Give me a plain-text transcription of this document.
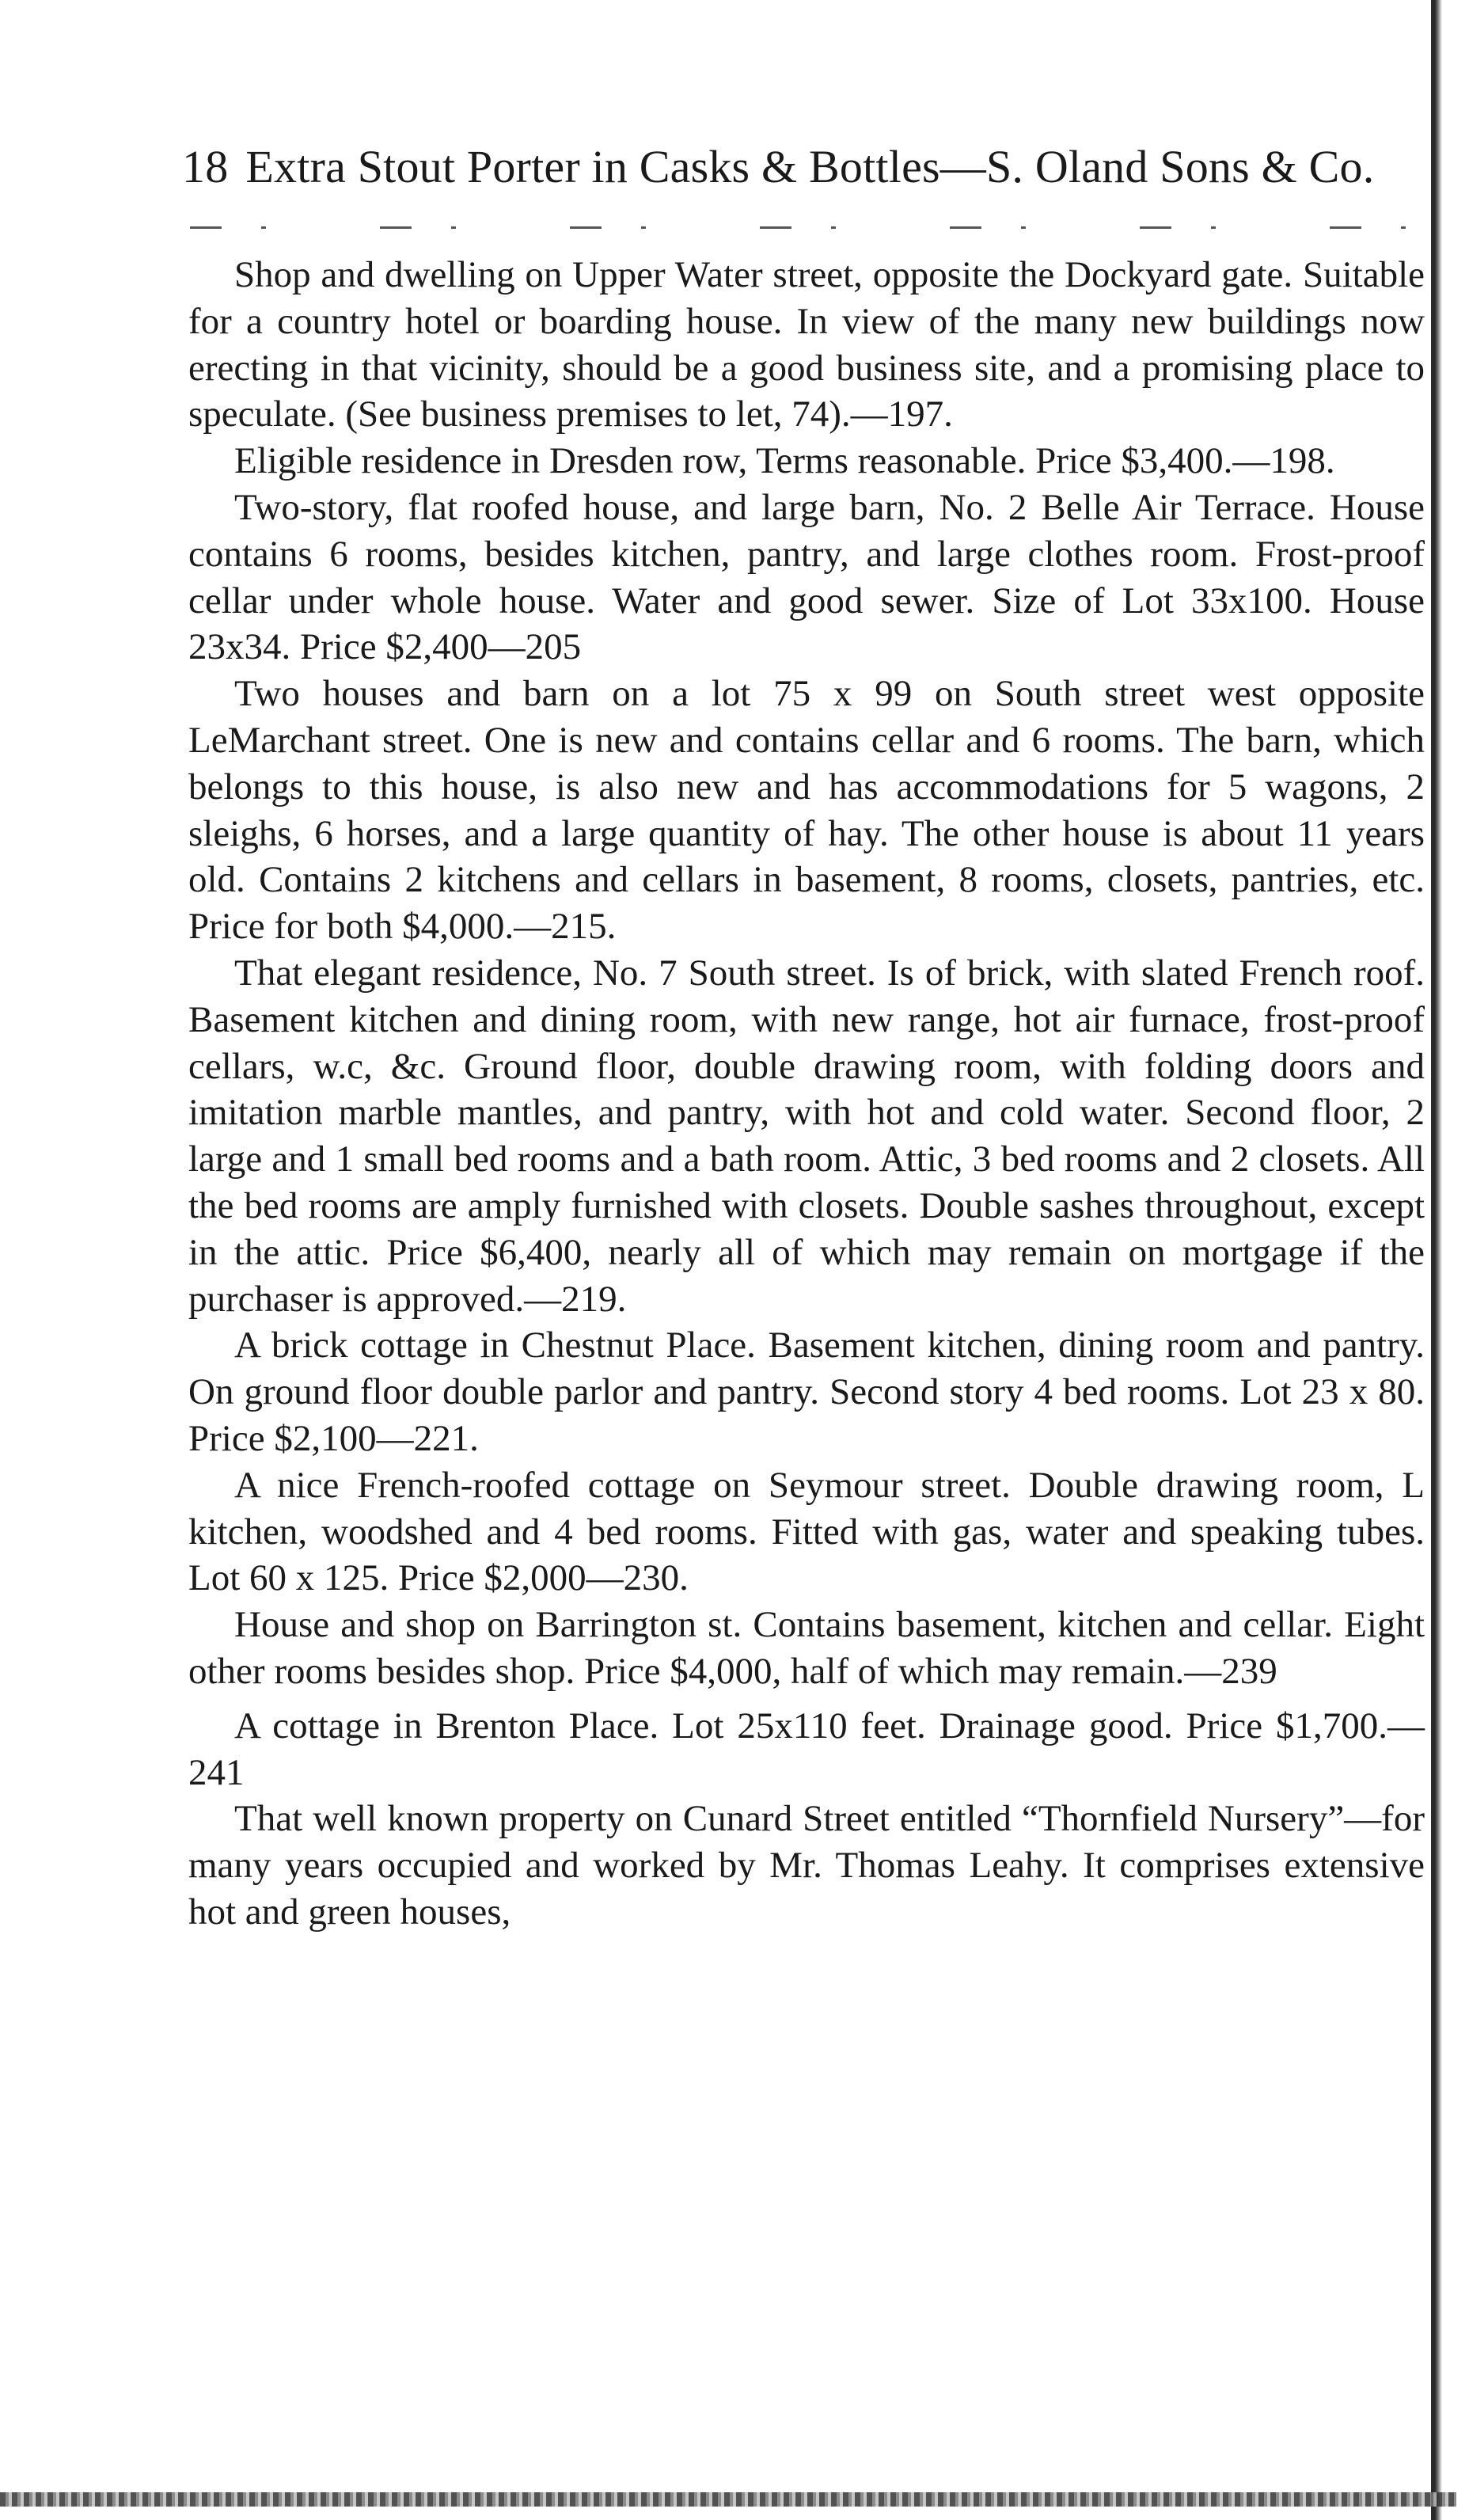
18 Extra Stout Porter in Casks & Bottles—S. Oland Sons & Co.

Shop and dwelling on Upper Water street, opposite the Dockyard gate. Suitable for a country hotel or boarding house. In view of the many new buildings now erecting in that vicinity, should be a good business site, and a promising place to speculate. (See business premises to let, 74).—197.

Eligible residence in Dresden row, Terms reasonable. Price $3,400.—198.

Two-story, flat roofed house, and large barn, No. 2 Belle Air Terrace. House contains 6 rooms, besides kitchen, pantry, and large clothes room. Frost-proof cellar under whole house. Water and good sewer. Size of Lot 33x100. House 23x34. Price $2,400—205

Two houses and barn on a lot 75 x 99 on South street west opposite LeMarchant street. One is new and contains cellar and 6 rooms. The barn, which belongs to this house, is also new and has accommodations for 5 wagons, 2 sleighs, 6 horses, and a large quantity of hay. The other house is about 11 years old. Contains 2 kitchens and cellars in basement, 8 rooms, closets, pantries, etc. Price for both $4,000.—215.

That elegant residence, No. 7 South street. Is of brick, with slated French roof. Basement kitchen and dining room, with new range, hot air furnace, frost-proof cellars, w.c, &c. Ground floor, double drawing room, with folding doors and imitation marble mantles, and pantry, with hot and cold water. Second floor, 2 large and 1 small bed rooms and a bath room. Attic, 3 bed rooms and 2 closets. All the bed rooms are amply furnished with closets. Double sashes throughout, except in the attic. Price $6,400, nearly all of which may remain on mortgage if the purchaser is approved.—219.

A brick cottage in Chestnut Place. Basement kitchen, dining room and pantry. On ground floor double parlor and pantry. Second story 4 bed rooms. Lot 23 x 80. Price $2,100—221.

A nice French-roofed cottage on Seymour street. Double drawing room, L kitchen, woodshed and 4 bed rooms. Fitted with gas, water and speaking tubes. Lot 60 x 125. Price $2,000—230.

House and shop on Barrington st. Contains basement, kitchen and cellar. Eight other rooms besides shop. Price $4,000, half of which may remain.—239

A cottage in Brenton Place. Lot 25x110 feet. Drainage good. Price $1,700.—241

That well known property on Cunard Street entitled “Thornfield Nursery”—for many years occupied and worked by Mr. Thomas Leahy. It comprises extensive hot and green houses,
